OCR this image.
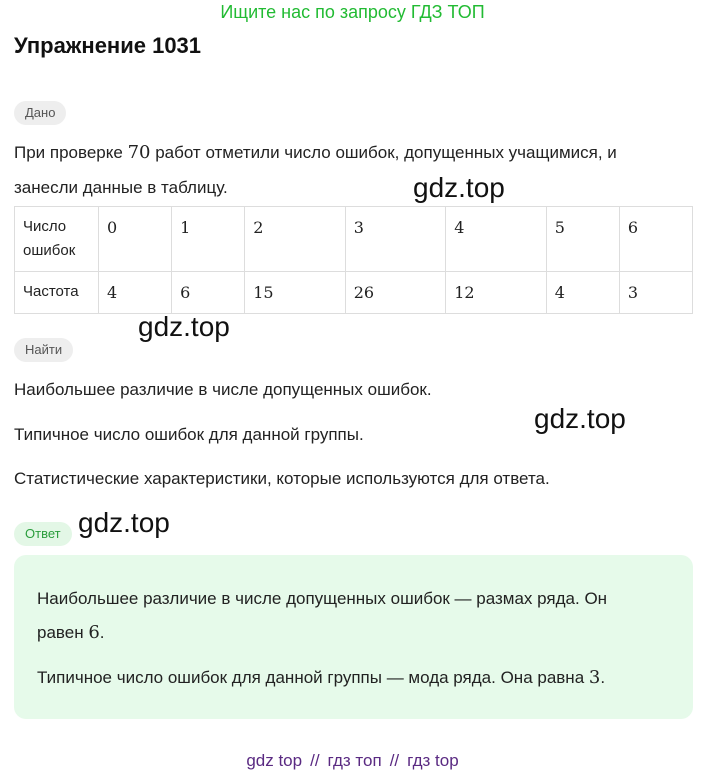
Ищите нас по запросу ГДЗ ТОП
Упражнение 1031
Дано
При проверке 70 работ отметили число ошибок, допущенных учащимися, и
занесли данные в таблицу.	gdz.top
Число
ошибок	0	1	2	3	4	5	6
Частота	4	6	15	26	12	4	3
gdz.top
Найти
Наибольшее различие в числе допущенных ошибок.
gdz.top
Типичное число ошибок для данной группы.
Статистические характеристики, которые используются для ответа.
Ответ gdz.top
Наибольшее различие в числе допущенных ошибок — размах ряда. Он
равен 6.
Типичное число ошибок для данной группы — мода ряда. Она равна 3.
gdz top // гдз топ // гдз top
